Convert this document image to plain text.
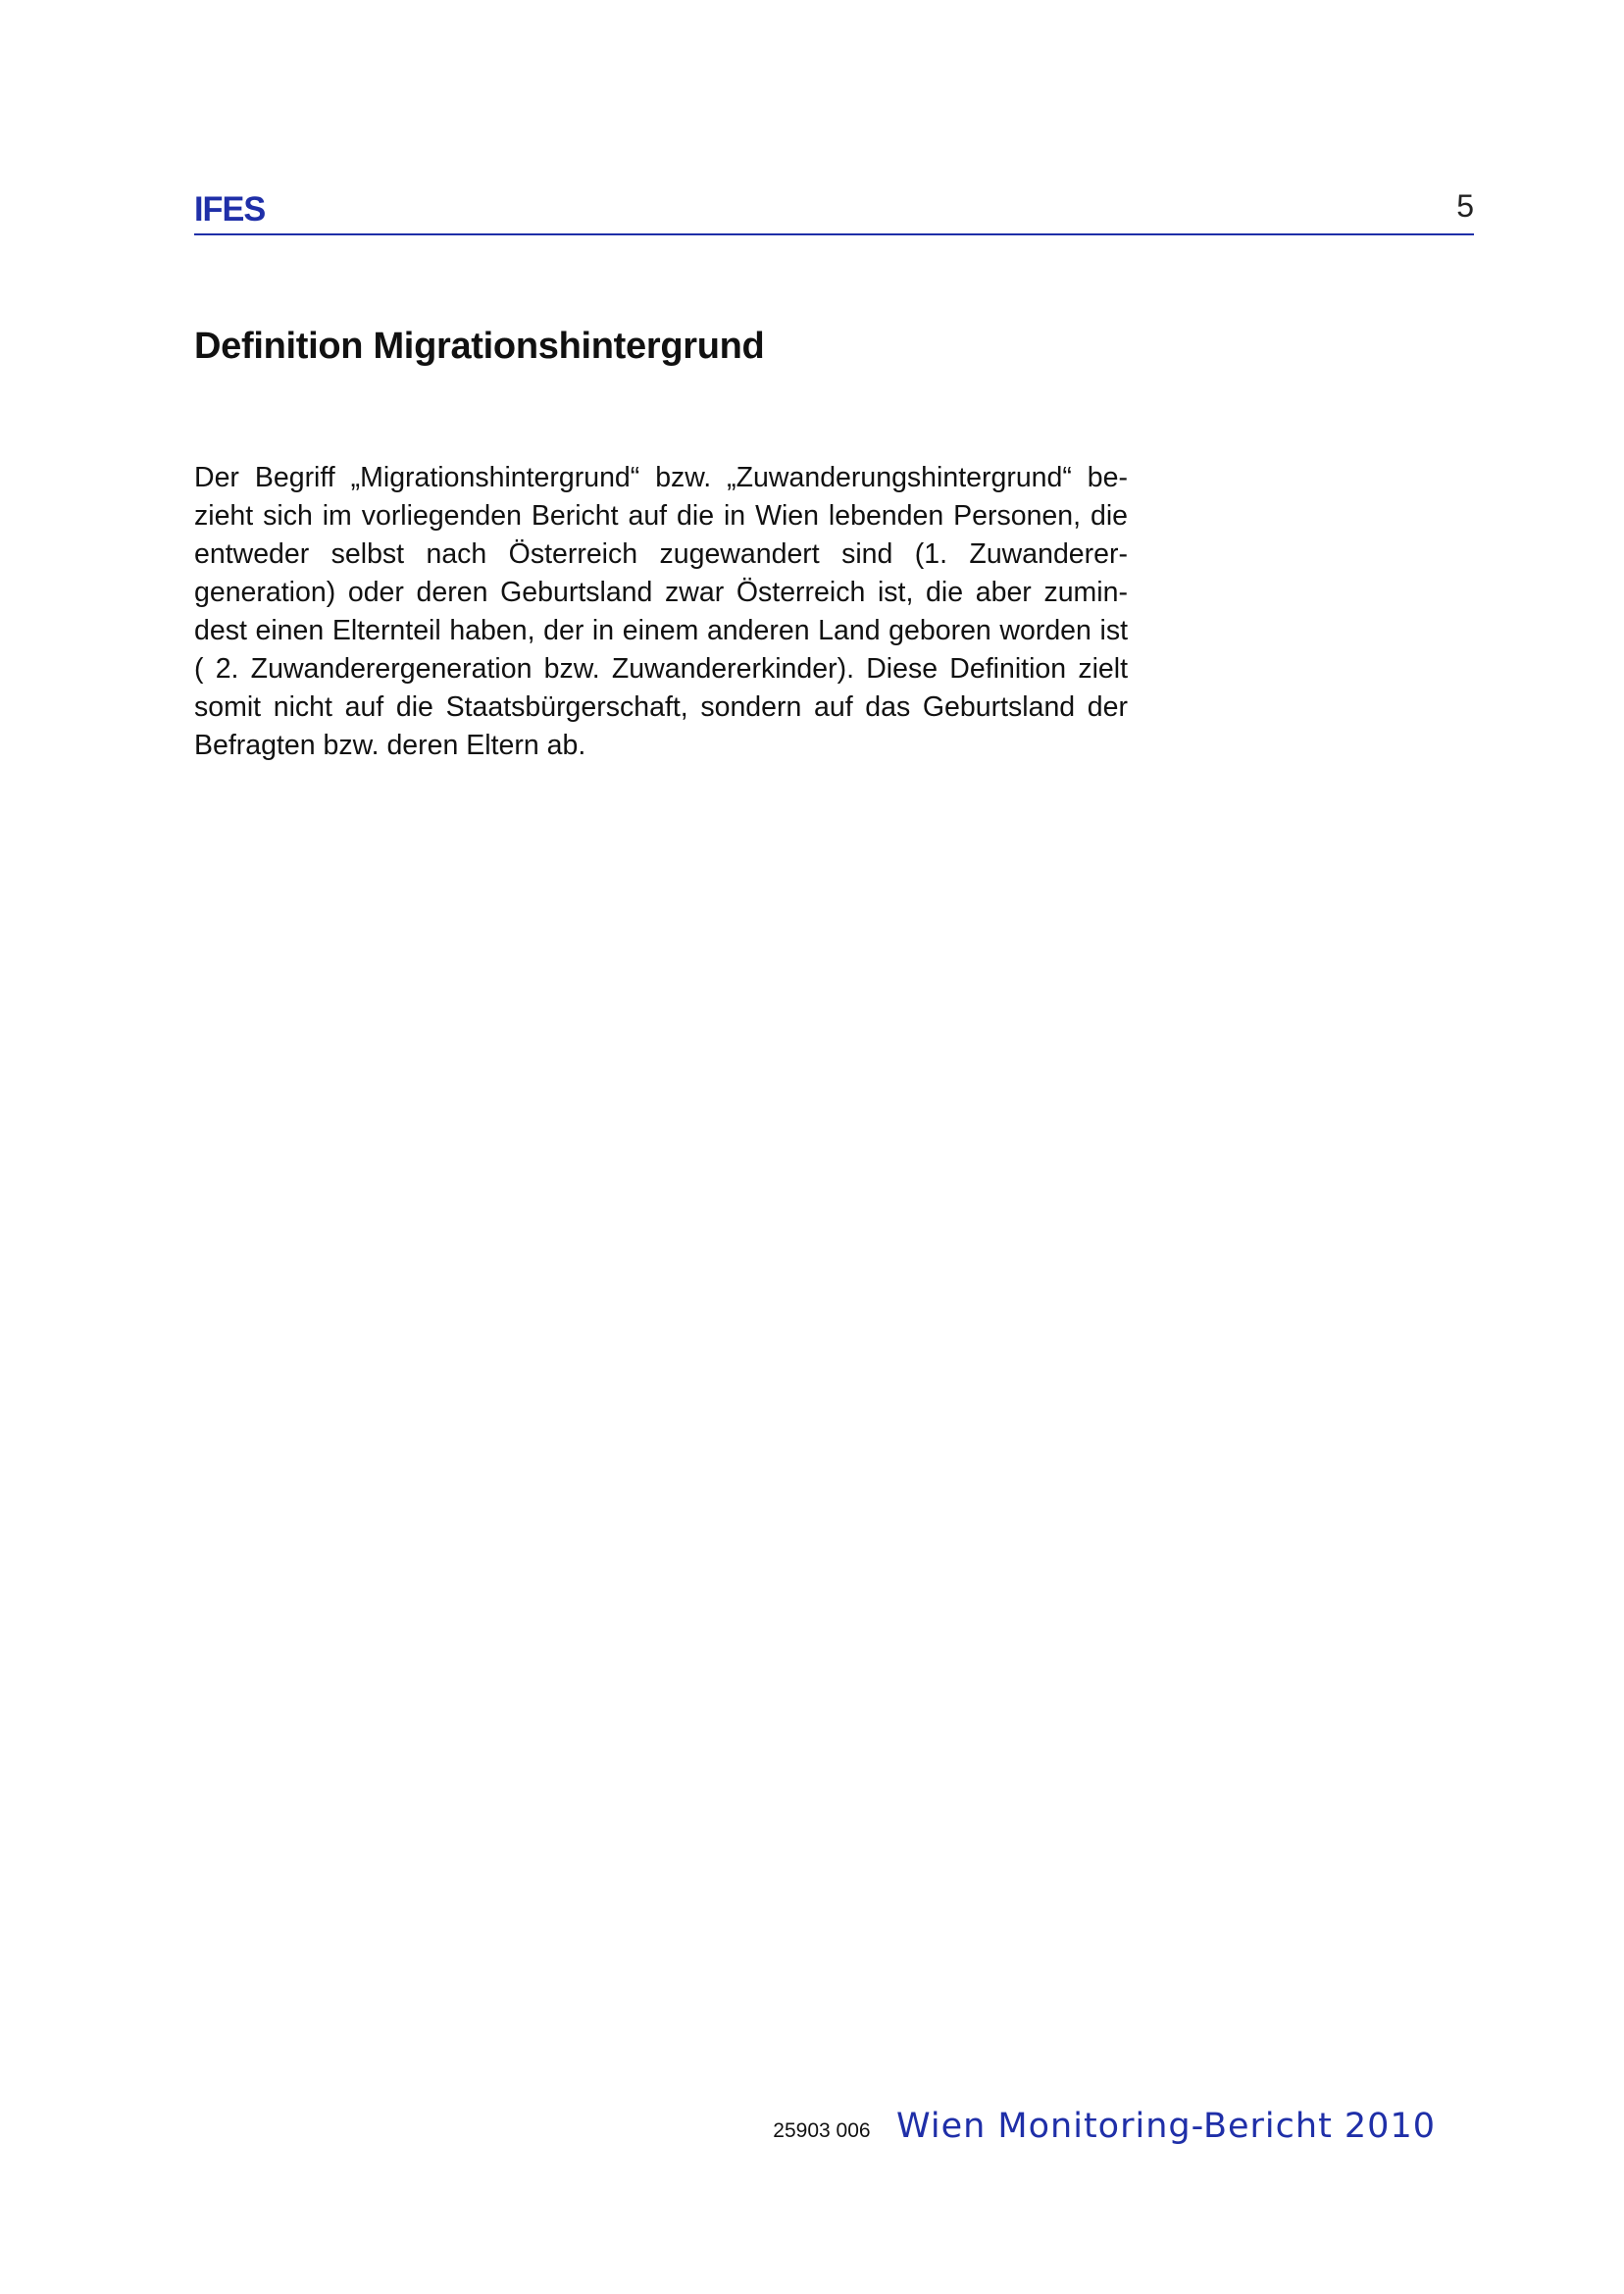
IFES	5
Definition Migrationshintergrund

Der Begriff „Migrationshintergrund“ bzw. „Zuwanderungshintergrund“ bezieht sich im vorliegenden Bericht auf die in Wien lebenden Personen, die entweder selbst nach Österreich zugewandert sind (1. Zuwanderergeneration) oder deren Geburtsland zwar Österreich ist, die aber zumindest einen Elternteil haben, der in einem anderen Land geboren worden ist ( 2. Zuwanderergeneration bzw. Zuwandererkinder). Diese Definition zielt somit nicht auf die Staatsbürgerschaft, sondern auf das Geburtsland der Befragten bzw. deren Eltern ab.

25903 006 Wien Monitoring-Bericht 2010
